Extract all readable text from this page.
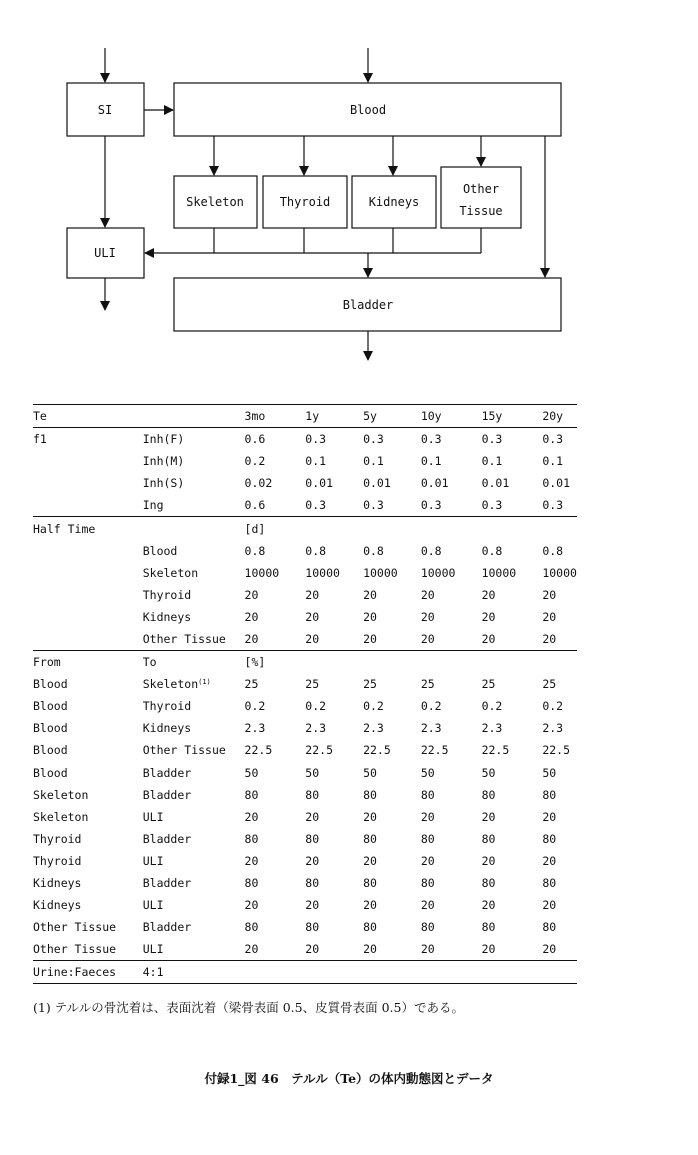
SI	Blood
Skeleton	Thyroid	Kidneys
Other
Tissue
ULI
Bladder
Te		3mo	1y	5y	10y	15y	20y
f1	Inh(F)	0.6	0.3	0.3	0.3	0.3	0.3
	Inh(M)	0.2	0.1	0.1	0.1	0.1	0.1
	Inh(S)	0.02	0.01	0.01	0.01	0.01	0.01
	Ing	0.6	0.3	0.3	0.3	0.3	0.3
Half Time		[d]					
	Blood	0.8	0.8	0.8	0.8	0.8	0.8
	Skeleton	10000	10000	10000	10000	10000	10000
	Thyroid	20	20	20	20	20	20
	Kidneys	20	20	20	20	20	20
	Other Tissue	20	20	20	20	20	20
From	To	[%]					
Blood	Skeleton$^{(1)}$	25	25	25	25	25	25
Blood	Thyroid	0.2	0.2	0.2	0.2	0.2	0.2
Blood	Kidneys	2.3	2.3	2.3	2.3	2.3	2.3
Blood	Other Tissue	22.5	22.5	22.5	22.5	22.5	22.5
Blood	Bladder	50	50	50	50	50	50
Skeleton	Bladder	80	80	80	80	80	80
Skeleton	ULI	20	20	20	20	20	20
Thyroid	Bladder	80	80	80	80	80	80
Thyroid	ULI	20	20	20	20	20	20
Kidneys	Bladder	80	80	80	80	80	80
Kidneys	ULI	20	20	20	20	20	20
Other Tissue	Bladder	80	80	80	80	80	80
Other Tissue	ULI	20	20	20	20	20	20
Urine:Faeces	4:1						
(1) テルルの骨沈着は、表面沈着（梁骨表面 0.5、皮質骨表面 0.5）である。
付録1_図 46　テルル（Te）の体内動態図とデータ
